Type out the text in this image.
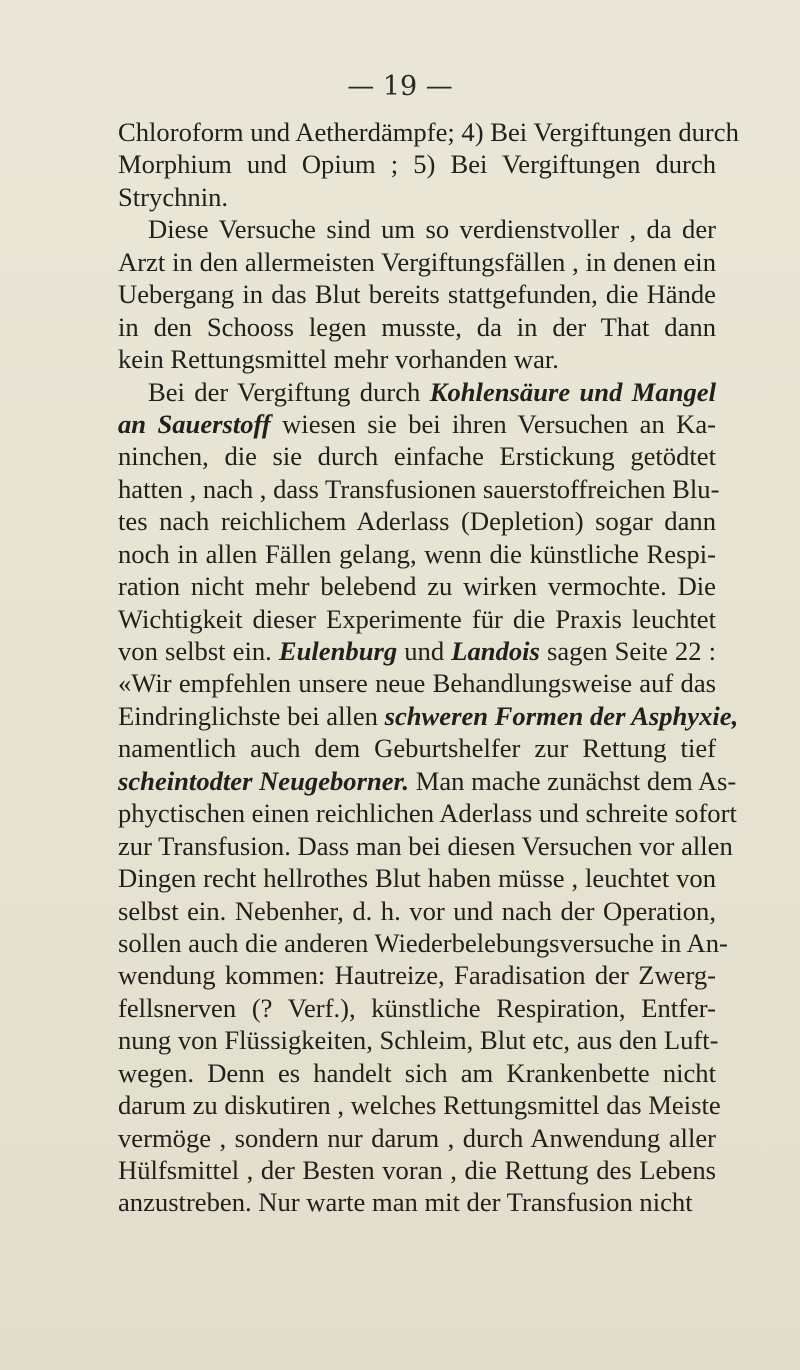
— 19 —
Chloroform und Aetherdämpfe; 4) Bei Vergiftungen durch
Morphium und Opium ; 5) Bei Vergiftungen durch
Strychnin.
Diese Versuche sind um so verdienstvoller , da der
Arzt in den allermeisten Vergiftungsfällen , in denen ein
Uebergang in das Blut bereits stattgefunden, die Hände
in den Schooss legen musste, da in der That dann
kein Rettungsmittel mehr vorhanden war.
Bei der Vergiftung durch Kohlensäure und Mangel
an Sauerstoff wiesen sie bei ihren Versuchen an Ka-
ninchen, die sie durch einfache Erstickung getödtet
hatten , nach , dass Transfusionen sauerstoffreichen Blu-
tes nach reichlichem Aderlass (Depletion) sogar dann
noch in allen Fällen gelang, wenn die künstliche Respi-
ration nicht mehr belebend zu wirken vermochte. Die
Wichtigkeit dieser Experimente für die Praxis leuchtet
von selbst ein. Eulenburg und Landois sagen Seite 22 :
«Wir empfehlen unsere neue Behandlungsweise auf das
Eindringlichste bei allen schweren Formen der Asphyxie,
namentlich auch dem Geburtshelfer zur Rettung tief
scheintodter Neugeborner. Man mache zunächst dem As-
phyctischen einen reichlichen Aderlass und schreite sofort
zur Transfusion. Dass man bei diesen Versuchen vor allen
Dingen recht hellrothes Blut haben müsse , leuchtet von
selbst ein. Nebenher, d. h. vor und nach der Operation,
sollen auch die anderen Wiederbelebungsversuche in An-
wendung kommen: Hautreize, Faradisation der Zwerg-
fellsnerven (? Verf.), künstliche Respiration, Entfer-
nung von Flüssigkeiten, Schleim, Blut etc, aus den Luft-
wegen. Denn es handelt sich am Krankenbette nicht
darum zu diskutiren , welches Rettungsmittel das Meiste
vermöge , sondern nur darum , durch Anwendung aller
Hülfsmittel , der Besten voran , die Rettung des Lebens
anzustreben. Nur warte man mit der Transfusion nicht
